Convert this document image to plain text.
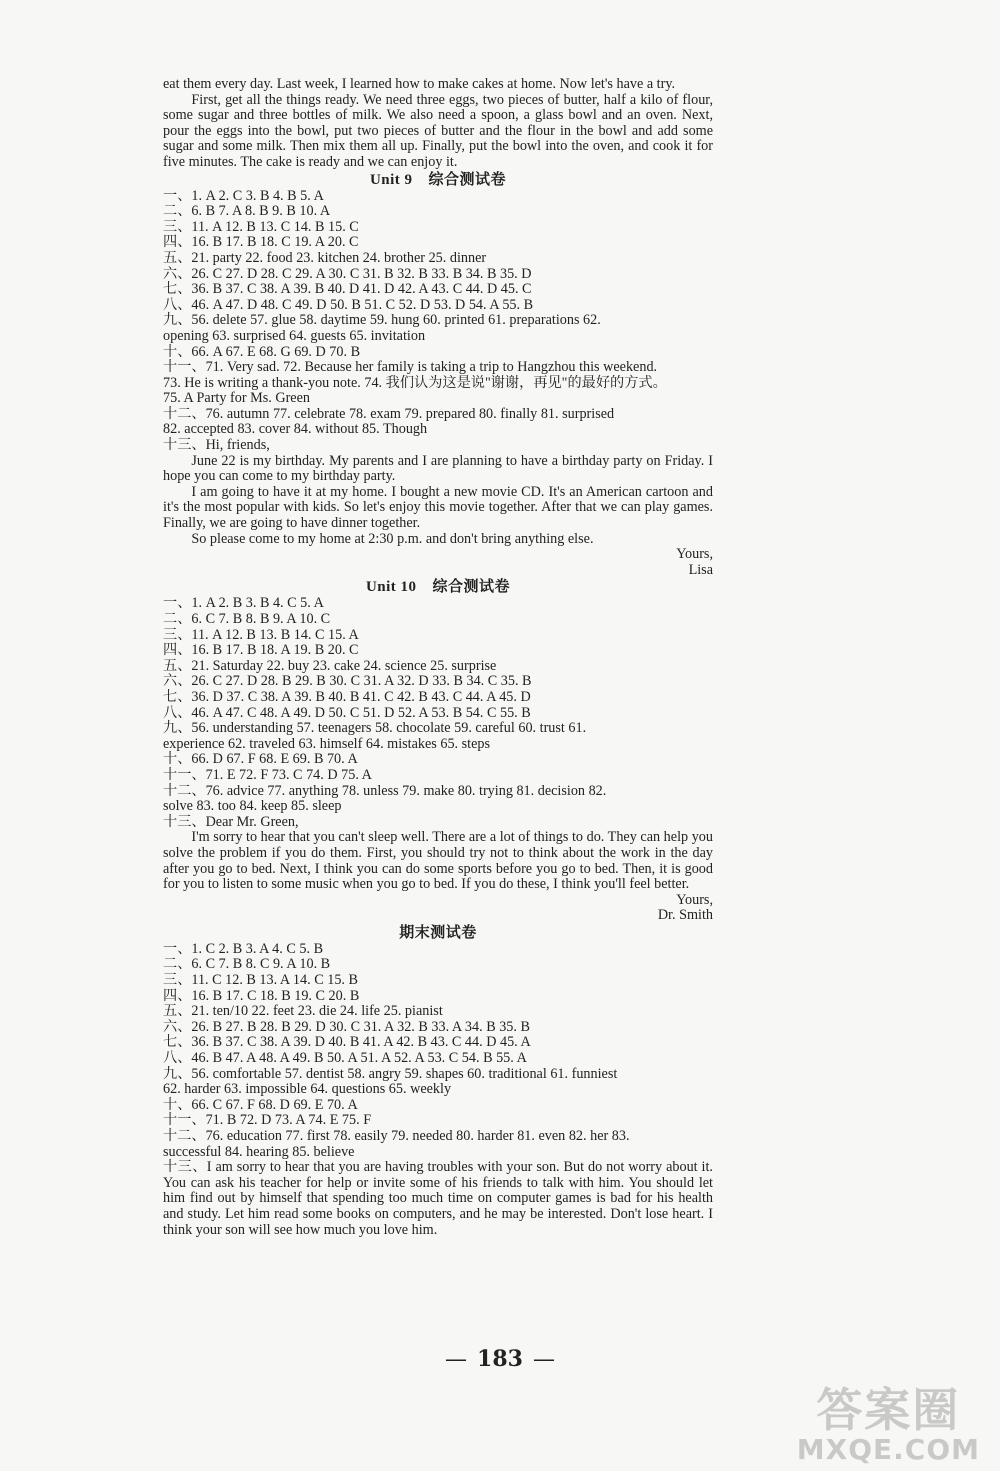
eat them every day. Last week, I learned how to make cakes at home. Now let's have a try.

First, get all the things ready. We need three eggs, two pieces of butter, half a kilo of flour, some sugar and three bottles of milk. We also need a spoon, a glass bowl and an oven. Next, pour the eggs into the bowl, put two pieces of butter and the flour in the bowl and add some sugar and some milk. Then mix them all up. Finally, put the bowl into the oven, and cook it for five minutes. The cake is ready and we can enjoy it.

Unit 9 综合测试卷
一、1. A 2. C 3. B 4. B 5. A
二、6. B 7. A 8. B 9. B 10. A
三、11. A 12. B 13. C 14. B 15. C
四、16. B 17. B 18. C 19. A 20. C
五、21. party 22. food 23. kitchen 24. brother 25. dinner
六、26. C 27. D 28. C 29. A 30. C 31. B 32. B 33. B 34. B 35. D
七、36. B 37. C 38. A 39. B 40. D 41. D 42. A 43. C 44. D 45. C
八、46. A 47. D 48. C 49. D 50. B 51. C 52. D 53. D 54. A 55. B
九、56. delete 57. glue 58. daytime 59. hung 60. printed 61. preparations 62.
opening 63. surprised 64. guests 65. invitation
十、66. A 67. E 68. G 69. D 70. B
十一、71. Very sad. 72. Because her family is taking a trip to Hangzhou this weekend.
73. He is writing a thank-you note. 74. 我们认为这是说"谢谢，再见"的最好的方式。
75. A Party for Ms. Green
十二、76. autumn 77. celebrate 78. exam 79. prepared 80. finally 81. surprised
82. accepted 83. cover 84. without 85. Though

十三、Hi, friends,

June 22 is my birthday. My parents and I are planning to have a birthday party on Friday. I hope you can come to my birthday party.

I am going to have it at my home. I bought a new movie CD. It's an American cartoon and it's the most popular with kids. So let's enjoy this movie together. After that we can play games. Finally, we are going to have dinner together.

So please come to my home at 2:30 p.m. and don't bring anything else.

Yours,

Lisa

Unit 10 综合测试卷
一、1. A 2. B 3. B 4. C 5. A
二、6. C 7. B 8. B 9. A 10. C
三、11. A 12. B 13. B 14. C 15. A
四、16. B 17. B 18. A 19. B 20. C
五、21. Saturday 22. buy 23. cake 24. science 25. surprise
六、26. C 27. D 28. B 29. B 30. C 31. A 32. D 33. B 34. C 35. B
七、36. D 37. C 38. A 39. B 40. B 41. C 42. B 43. C 44. A 45. D
八、46. A 47. C 48. A 49. D 50. C 51. D 52. A 53. B 54. C 55. B
九、56. understanding 57. teenagers 58. chocolate 59. careful 60. trust 61.
experience 62. traveled 63. himself 64. mistakes 65. steps
十、66. D 67. F 68. E 69. B 70. A
十一、71. E 72. F 73. C 74. D 75. A
十二、76. advice 77. anything 78. unless 79. make 80. trying 81. decision 82.
solve 83. too 84. keep 85. sleep

十三、Dear Mr. Green,

I'm sorry to hear that you can't sleep well. There are a lot of things to do. They can help you solve the problem if you do them. First, you should try not to think about the work in the day after you go to bed. Next, I think you can do some sports before you go to bed. Then, it is good for you to listen to some music when you go to bed. If you do these, I think you'll feel better.

Yours,

Dr. Smith

期末测试卷
一、1. C 2. B 3. A 4. C 5. B
二、6. C 7. B 8. C 9. A 10. B
三、11. C 12. B 13. A 14. C 15. B
四、16. B 17. C 18. B 19. C 20. B
五、21. ten/10 22. feet 23. die 24. life 25. pianist
六、26. B 27. B 28. B 29. D 30. C 31. A 32. B 33. A 34. B 35. B
七、36. B 37. C 38. A 39. D 40. B 41. A 42. B 43. C 44. D 45. A
八、46. B 47. A 48. A 49. B 50. A 51. A 52. A 53. C 54. B 55. A
九、56. comfortable 57. dentist 58. angry 59. shapes 60. traditional 61. funniest
62. harder 63. impossible 64. questions 65. weekly
十、66. C 67. F 68. D 69. E 70. A
十一、71. B 72. D 73. A 74. E 75. F
十二、76. education 77. first 78. easily 79. needed 80. harder 81. even 82. her 83.
successful 84. hearing 85. believe

十三、I am sorry to hear that you are having troubles with your son. But do not worry about it. You can ask his teacher for help or invite some of his friends to talk with him. You should let him find out by himself that spending too much time on computer games is bad for his health and study. Let him read some books on computers, and he may be interested. Don't lose heart. I think your son will see how much you love him.

— 183 —
答案圈
MXQE.COM
